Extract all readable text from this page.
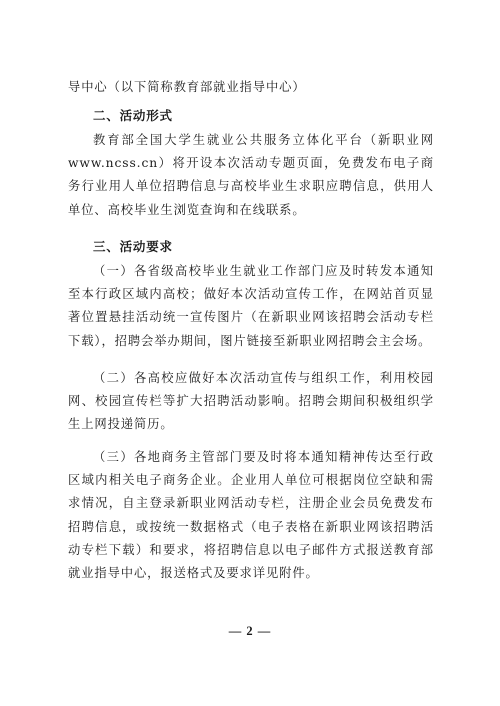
导中心（以下简称教育部就业指导中心）

二、活动形式

教育部全国大学生就业公共服务立体化平台（新职业网 www.ncss.cn）将开设本次活动专题页面，免费发布电子商务行业用人单位招聘信息与高校毕业生求职应聘信息，供用人单位、高校毕业生浏览查询和在线联系。

三、活动要求

（一）各省级高校毕业生就业工作部门应及时转发本通知至本行政区域内高校；做好本次活动宣传工作，在网站首页显著位置悬挂活动统一宣传图片（在新职业网该招聘会活动专栏下载），招聘会举办期间，图片链接至新职业网招聘会主会场。

（二）各高校应做好本次活动宣传与组织工作，利用校园网、校园宣传栏等扩大招聘活动影响。招聘会期间积极组织学生上网投递简历。

（三）各地商务主管部门要及时将本通知精神传达至行政区域内相关电子商务企业。企业用人单位可根据岗位空缺和需求情况，自主登录新职业网活动专栏，注册企业会员免费发布招聘信息，或按统一数据格式（电子表格在新职业网该招聘活动专栏下载）和要求，将招聘信息以电子邮件方式报送教育部就业指导中心，报送格式及要求详见附件。

— 2 —
